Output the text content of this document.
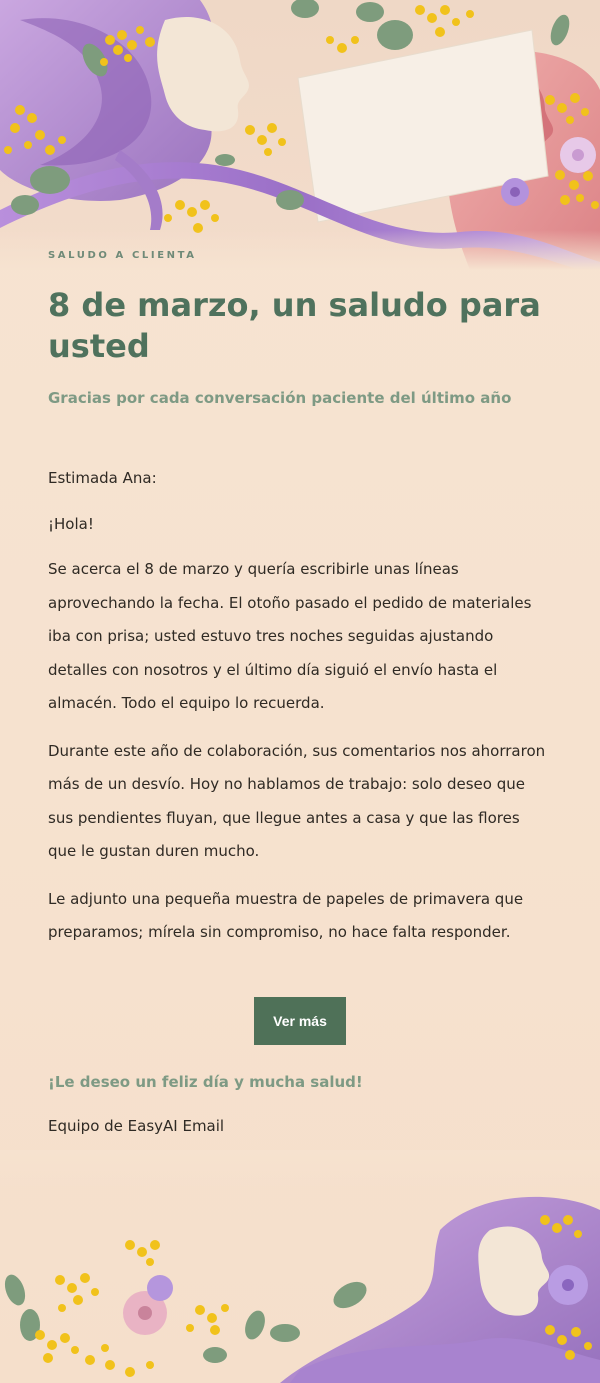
SALUDO A CLIENTA

8 de marzo, un saludo para usted

Gracias por cada conversación paciente del último año

Estimada Ana:

¡Hola!

Se acerca el 8 de marzo y quería escribirle unas líneas aprovechando la fecha. El otoño pasado el pedido de materiales iba con prisa; usted estuvo tres noches seguidas ajustando detalles con nosotros y el último día siguió el envío hasta el almacén. Todo el equipo lo recuerda.

Durante este año de colaboración, sus comentarios nos ahorraron más de un desvío. Hoy no hablamos de trabajo: solo deseo que sus pendientes fluyan, que llegue antes a casa y que las flores que le gustan duren mucho.

Le adjunto una pequeña muestra de papeles de primavera que preparamos; mírela sin compromiso, no hace falta responder.

Ver más

¡Le deseo un feliz día y mucha salud!

Equipo de EasyAI Email
